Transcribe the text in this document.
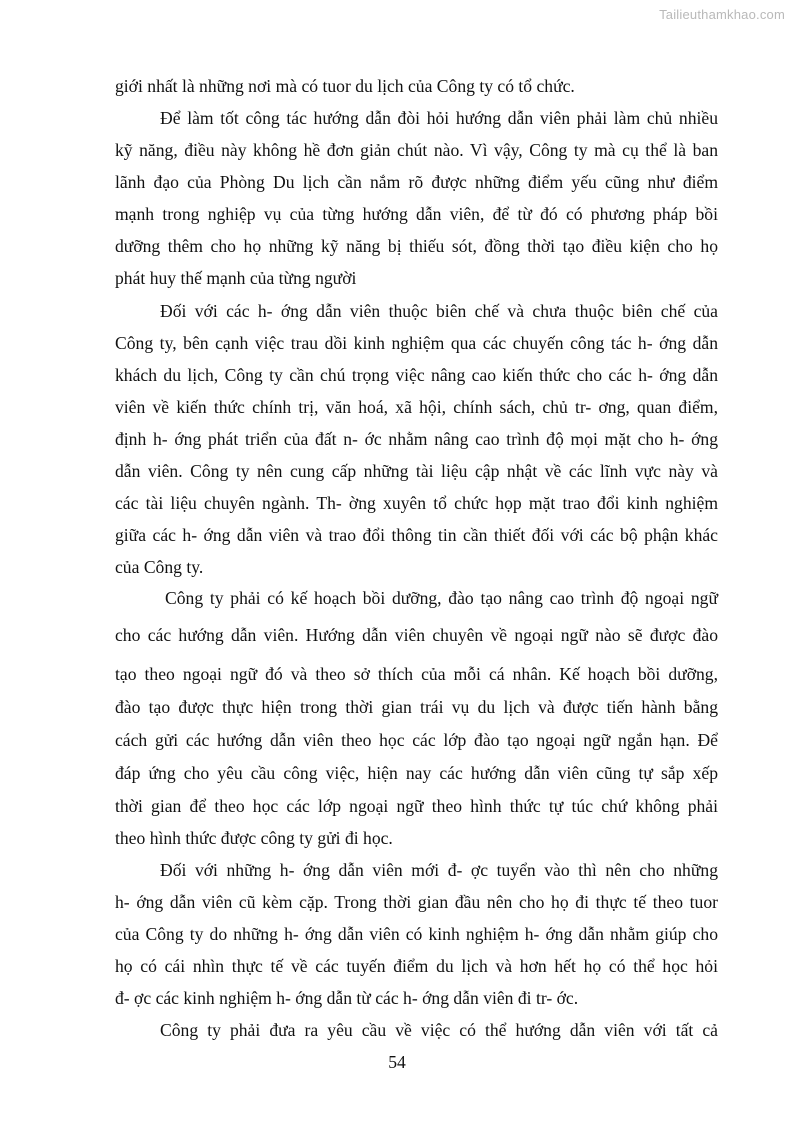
Tailieuthamkhao.com
giới nhất là những nơi mà có tuor du lịch của Công ty có tổ chức.
Để làm tốt công tác hướng dẫn đòi hỏi hướng dẫn viên phải làm chủ nhiều
kỹ năng, điều này không hề đơn giản chút nào. Vì vậy, Công ty mà cụ thể là ban
lãnh đạo của Phòng Du lịch cần nắm rõ được những điểm yếu cũng như điểm
mạnh trong nghiệp vụ của từng hướng dẫn viên, để từ đó có phương pháp bồi
dưỡng thêm cho họ những kỹ năng bị thiếu sót, đồng thời tạo điều kiện cho họ
phát huy thế mạnh của từng người
Đối với các h- ớng dẫn viên thuộc biên chế và chưa thuộc biên chế của
Công ty, bên cạnh việc trau dồi kinh nghiệm qua các chuyến công tác h- ớng dẫn
khách du lịch, Công ty cần chú trọng việc nâng cao kiến thức cho các h- ớng dẫn
viên về kiến thức chính trị, văn hoá, xã hội, chính sách, chủ tr- ơng, quan điểm,
định h- ớng phát triển của đất n- ớc nhằm nâng cao trình độ mọi mặt cho h- ớng
dẫn viên. Công ty nên cung cấp những tài liệu cập nhật về các lĩnh vực này và
các tài liệu chuyên ngành. Th- ờng xuyên tổ chức họp mặt trao đổi kinh nghiệm
giữa các h- ớng dẫn viên và trao đổi thông tin cần thiết đối với các bộ phận khác
của Công ty.
Công ty phải có kế hoạch bồi dưỡng, đào tạo nâng cao trình độ ngoại ngữ
cho các hướng dẫn viên. Hướng dẫn viên chuyên về ngoại ngữ nào sẽ được đào
tạo theo ngoại ngữ đó và theo sở thích của mỗi cá nhân. Kế hoạch bồi dưỡng,
đào tạo được thực hiện trong thời gian trái vụ du lịch và được tiến hành bằng
cách gửi các hướng dẫn viên theo học các lớp đào tạo ngoại ngữ ngắn hạn. Để
đáp ứng cho yêu cầu công việc, hiện nay các hướng dẫn viên cũng tự sắp xếp
thời gian để theo học các lớp ngoại ngữ theo hình thức tự túc chứ không phải
theo hình thức được công ty gửi đi học.
Đối với những h- ớng dẫn viên mới đ- ợc tuyển vào thì nên cho những
h- ớng dẫn viên cũ kèm cặp. Trong thời gian đầu nên cho họ đi thực tế theo tuor
của Công ty do những h- ớng dẫn viên có kinh nghiệm h- ớng dẫn nhằm giúp cho
họ có cái nhìn thực tế về các tuyến điểm du lịch và hơn hết họ có thể học hỏi
đ- ợc các kinh nghiệm h- ớng dẫn từ các h- ớng dẫn viên đi tr- ớc.
Công ty phải đưa ra yêu cầu về việc có thể hướng dẫn viên với tất cả
54
